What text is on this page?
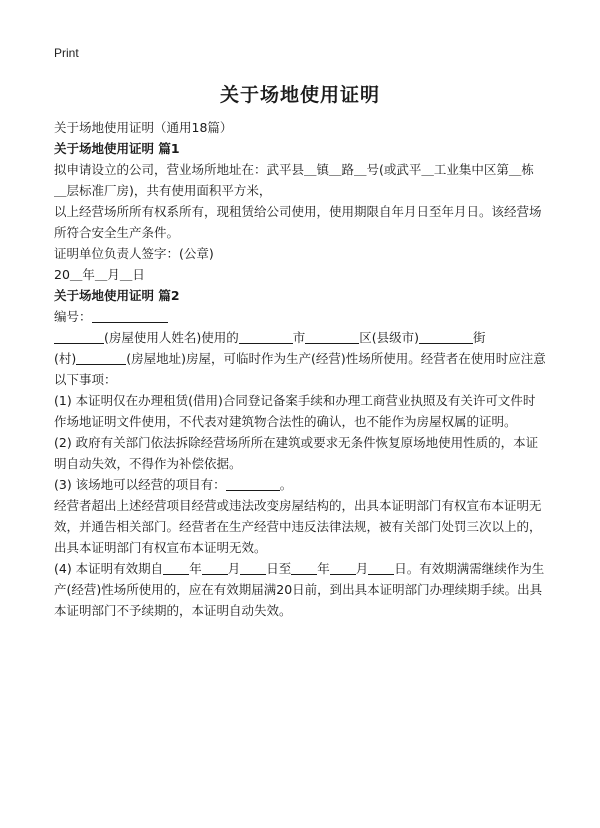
Print
关于场地使用证明

关于场地使用证明（通用18篇）

关于场地使用证明 篇1

拟申请设立的公司，营业场所地址在：武平县＿镇＿路＿号(或武平＿工业集中区第＿栋＿层标准厂房)，共有使用面积平方米，

以上经营场所所有权系所有，现租赁给公司使用，使用期限自年月日至年月日。该经营场所符合安全生产条件。

证明单位负责人签字：(公章)

20＿年＿月＿日

关于场地使用证明 篇2

编号：

(房屋使用人姓名)使用的	市	区(县级市)	街

(村)	(房屋地址)房屋，可临时作为生产(经营)性场所使用。经营者在使用时应注意以下事项：

(1) 本证明仅在办理租赁(借用)合同登记备案手续和办理工商营业执照及有关许可文件时作场地证明文件使用，不代表对建筑物合法性的确认，也不能作为房屋权属的证明。

(2) 政府有关部门依法拆除经营场所所在建筑或要求无条件恢复原场地使用性质的，本证明自动失效，不得作为补偿依据。

(3) 该场地可以经营的项目有：	。

经营者超出上述经营项目经营或违法改变房屋结构的，出具本证明部门有权宣布本证明无效，并通告相关部门。经营者在生产经营中违反法律法规，被有关部门处罚三次以上的，出具本证明部门有权宣布本证明无效。

(4) 本证明有效期自 年 月 日至 年 月 日。有效期满需继续作为生产(经营)性场所使用的，应在有效期届满20日前，到出具本证明部门办理续期手续。出具本证明部门不予续期的，本证明自动失效。
